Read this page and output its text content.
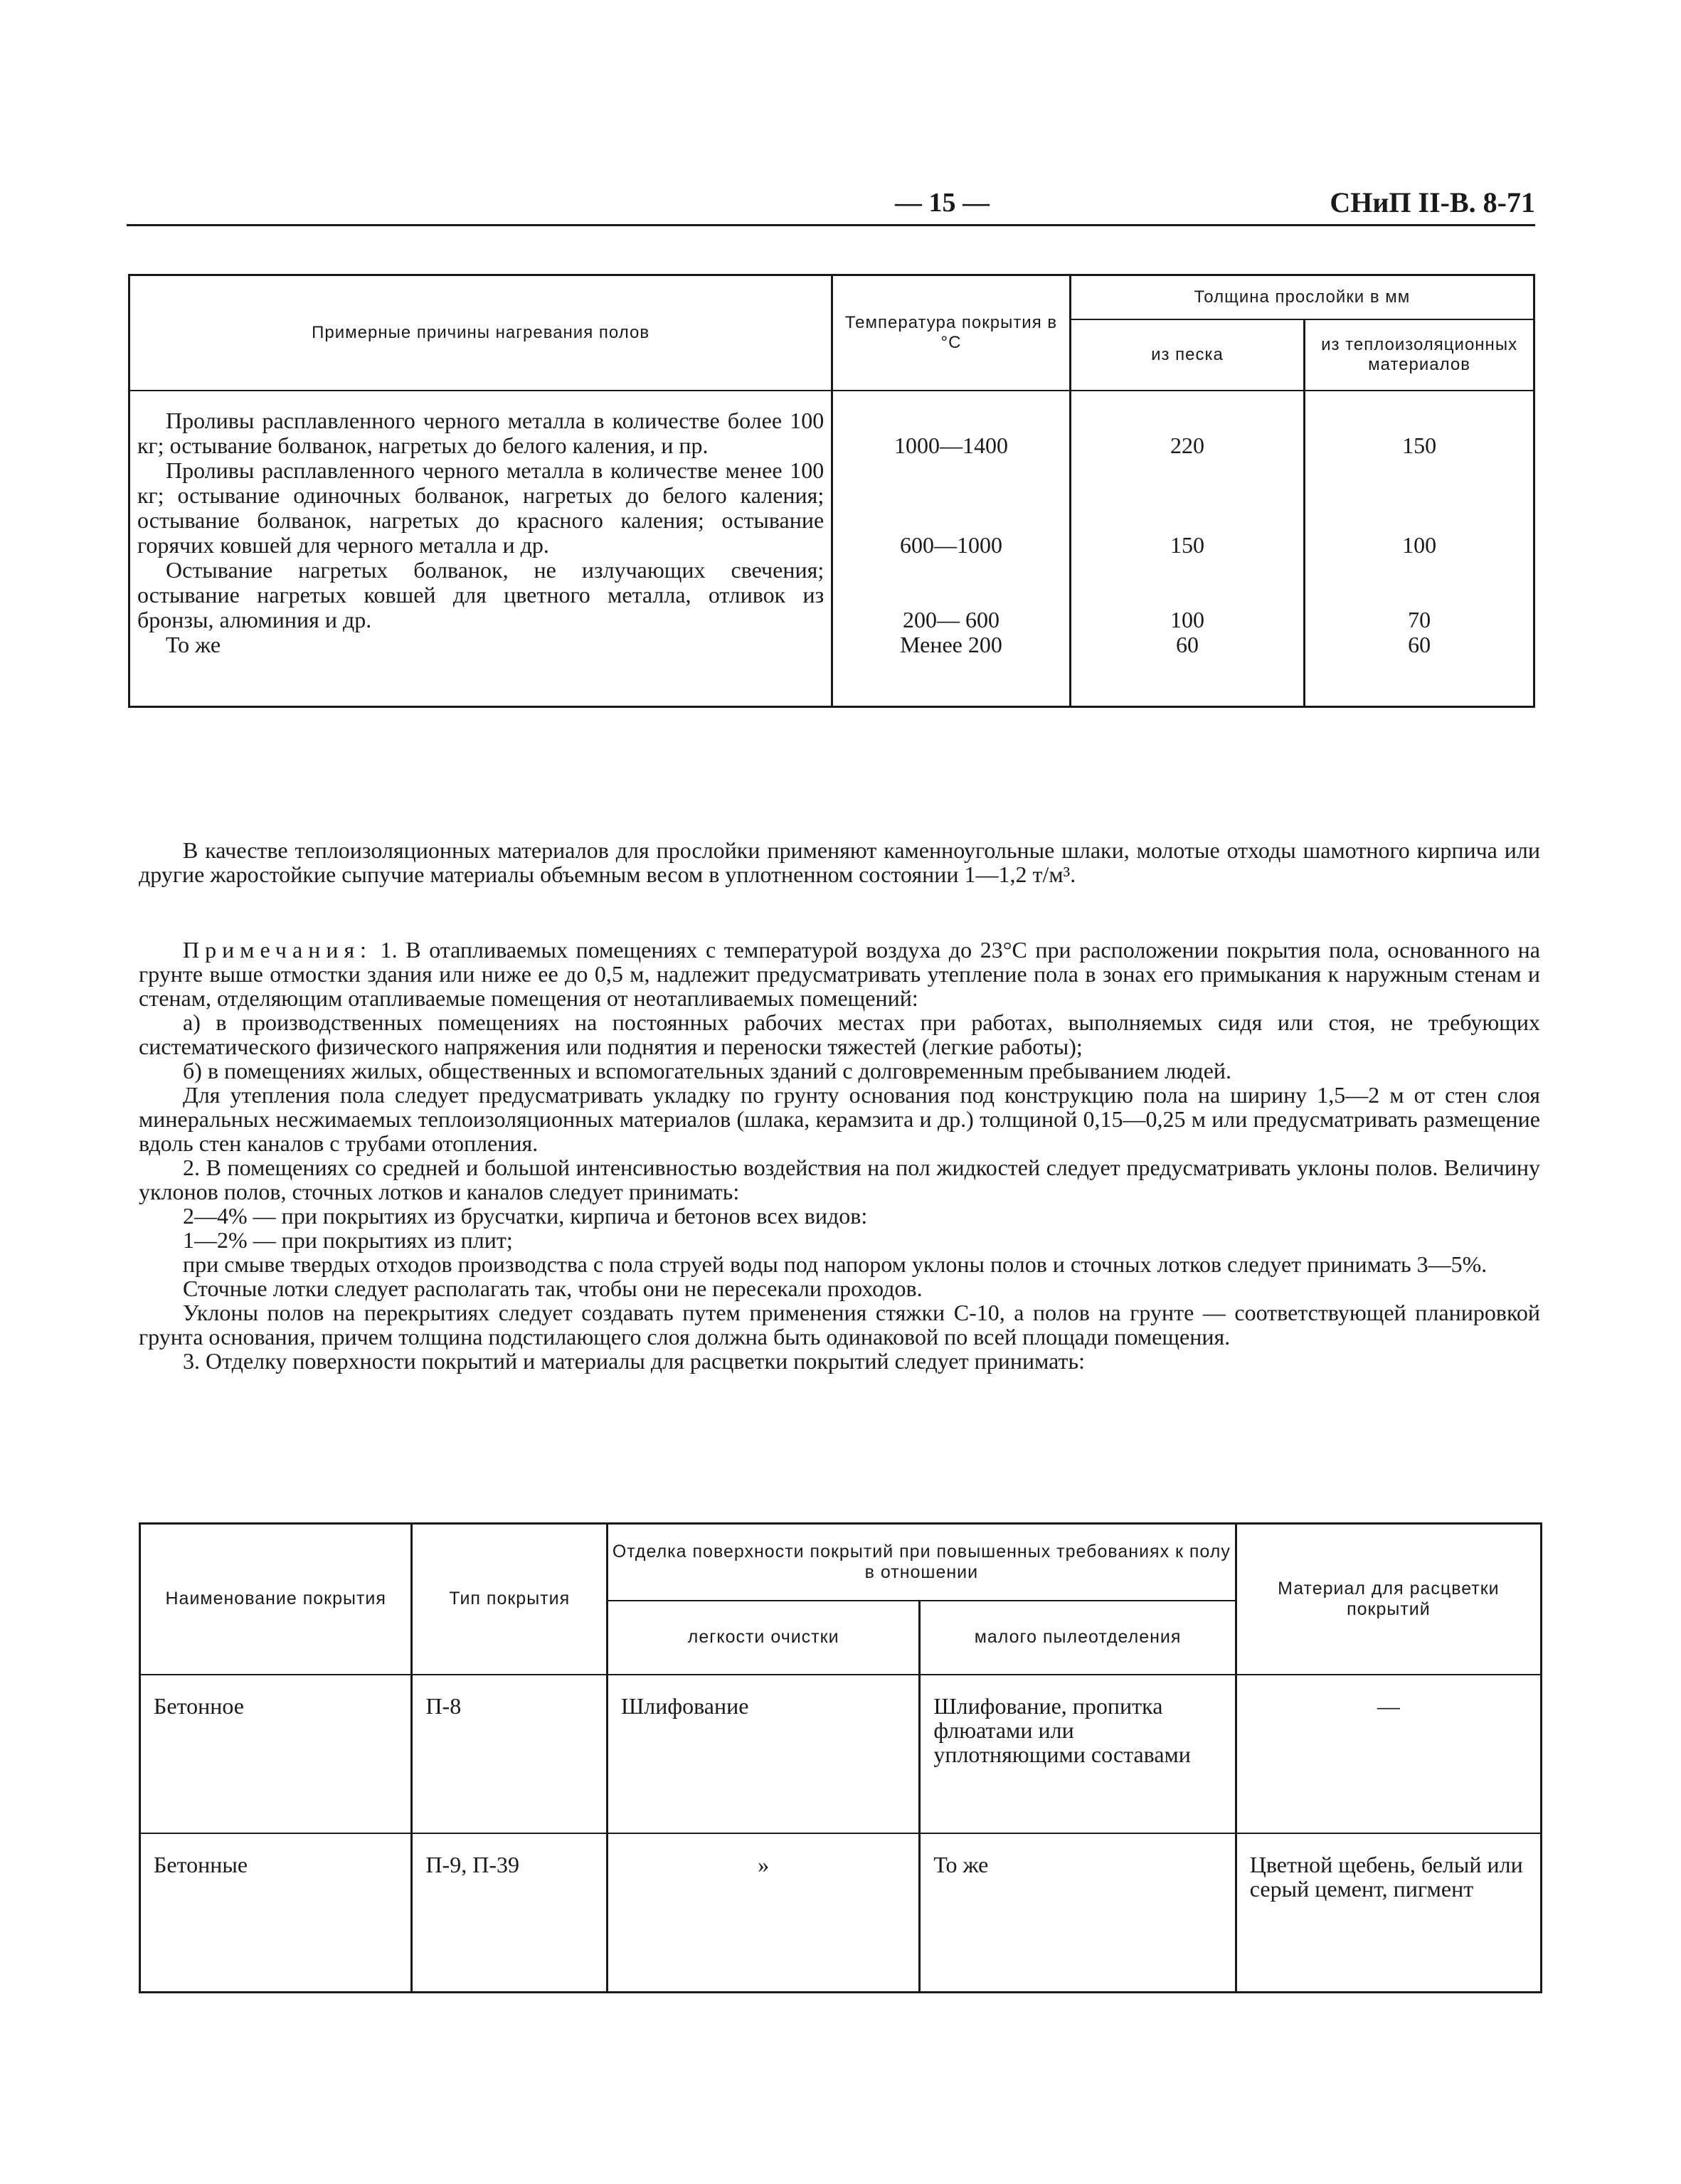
— 15 —	СНиП II-В. 8-71
Примерные причины нагревания полов	Температура покрытия в °С	Толщина прослойки в мм	
		из песка	из теплоизоляционных материалов

Проливы расплавленного черного металла в количестве более 100 кг; остывание болванок, нагретых до белого каления, и пр.	1000—1400	220	150
Проливы расплавленного черного металла в количестве менее 100 кг; остывание одиночных болванок, нагретых до белого каления; остывание болванок, нагретых до красного каления; остывание горячих ковшей для черного металла и др.	600—1000	150	100
Остывание нагретых болванок, не излучающих свечения; остывание нагретых ковшей для цветного металла, отливок из бронзы, алюминия и др.	200— 600	100	70
То же	Менее 200	60	60

В качестве теплоизоляционных материалов для прослойки применяют каменноугольные шлаки, молотые отходы шамотного кирпича или другие жаростойкие сыпучие материалы объемным весом в уплотненном состоянии 1—1,2 т/м³.

Примечания: 1. В отапливаемых помещениях с температурой воздуха до 23°С при расположении покрытия пола, основанного на грунте выше отмостки здания или ниже ее до 0,5 м, надлежит предусматривать утепление пола в зонах его примыкания к наружным стенам и стенам, отделяющим отапливаемые помещения от неотапливаемых помещений:

а) в производственных помещениях на постоянных рабочих местах при работах, выполняемых сидя или стоя, не требующих систематического физического напряжения или поднятия и переноски тяжестей (легкие работы);

б) в помещениях жилых, общественных и вспомогательных зданий с долговременным пребыванием людей.

Для утепления пола следует предусматривать укладку по грунту основания под конструкцию пола на ширину 1,5—2 м от стен слоя минеральных несжимаемых теплоизоляционных материалов (шлака, керамзита и др.) толщиной 0,15—0,25 м или предусматривать размещение вдоль стен каналов с трубами отопления.

2. В помещениях со средней и большой интенсивностью воздействия на пол жидкостей следует предусматривать уклоны полов. Величину уклонов полов, сточных лотков и каналов следует принимать:

2—4% — при покрытиях из брусчатки, кирпича и бетонов всех видов:

1—2% — при покрытиях из плит;

при смыве твердых отходов производства с пола струей воды под напором уклоны полов и сточных лотков следует принимать 3—5%.

Сточные лотки следует располагать так, чтобы они не пересекали проходов.

Уклоны полов на перекрытиях следует создавать путем применения стяжки С-10, а полов на грунте — соответствующей планировкой грунта основания, причем толщина подстилающего слоя должна быть одинаковой по всей площади помещения.

3. Отделку поверхности покрытий и материалы для расцветки покрытий следует принимать:

Наименование покрытия	Тип покрытия	Отделка поверхности покрытий при повышенных требованиях к полу в отношении		Материал для расцветки покрытий
		легкости очистки	малого пылеотделения	
Бетонное	П-8	Шлифование	Шлифование, пропитка флюатами или уплотняющими составами	—
Бетонные	П-9, П-39	»	То же	Цветной щебень, белый или серый цемент, пигмент
